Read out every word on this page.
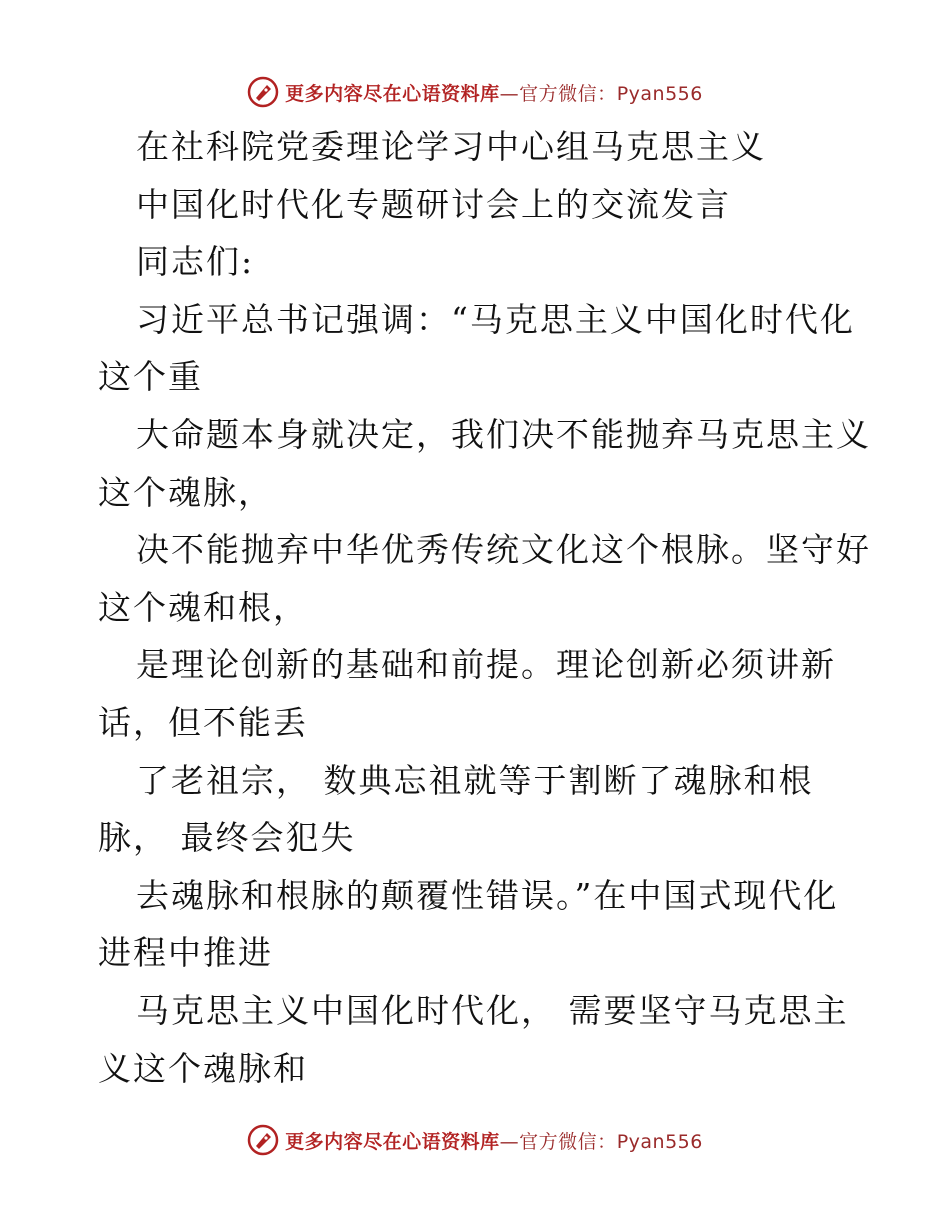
更多内容尽在心语资料库—官方微信：Pyan556
在社科院党委理论学习中心组马克思主义
中国化时代化专题研讨会上的交流发言
同志们:
习近平总书记强调：“马克思主义中国化时代化
这个重
大命题本身就决定，我们决不能抛弃马克思主义
这个魂脉，
决不能抛弃中华优秀传统文化这个根脉。坚守好
这个魂和根，
是理论创新的基础和前提。理论创新必须讲新
话，但不能丢
了老祖宗， 数典忘祖就等于割断了魂脉和根
脉， 最终会犯失
去魂脉和根脉的颠覆性错误。”在中国式现代化
进程中推进
马克思主义中国化时代化， 需要坚守马克思主
义这个魂脉和
更多内容尽在心语资料库—官方微信：Pyan556
